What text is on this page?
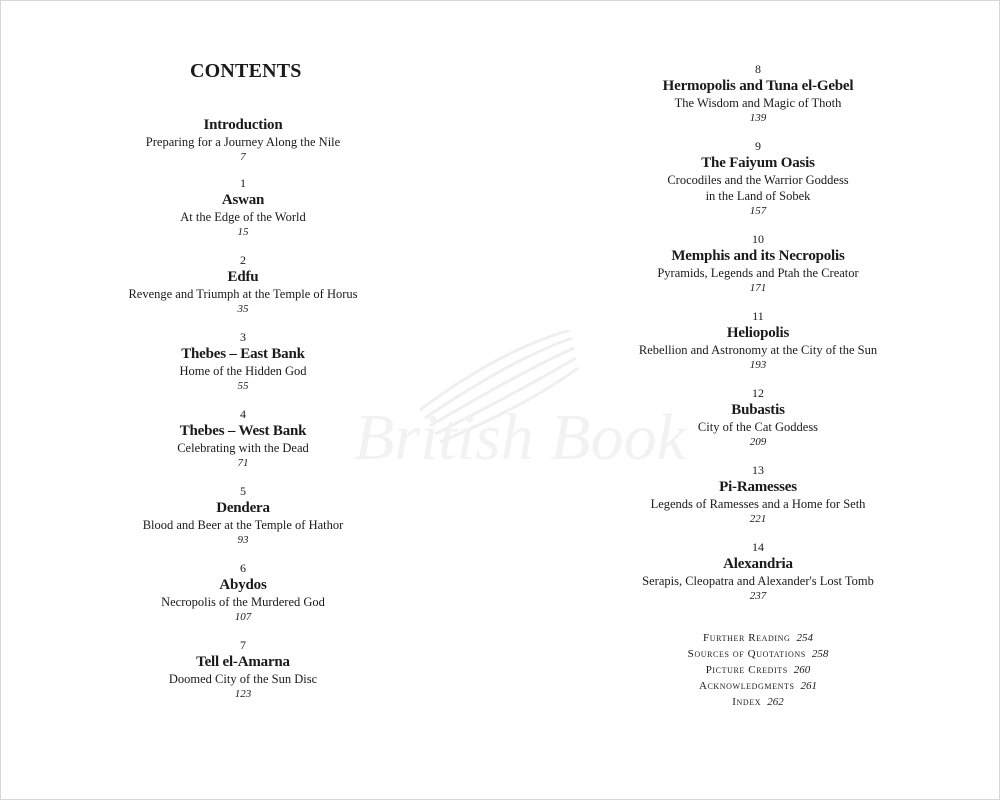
British Book
CONTENTS
Introduction
Preparing for a Journey Along the Nile
7
1
Aswan
At the Edge of the World
15
2
Edfu
Revenge and Triumph at the Temple of Horus
35
3
Thebes – East Bank
Home of the Hidden God
55
4
Thebes – West Bank
Celebrating with the Dead
71
5
Dendera
Blood and Beer at the Temple of Hathor
93
6
Abydos
Necropolis of the Murdered God
107
7
Tell el-Amarna
Doomed City of the Sun Disc
123
8
Hermopolis and Tuna el-Gebel
The Wisdom and Magic of Thoth
139
9
The Faiyum Oasis
Crocodiles and the Warrior Goddess
in the Land of Sobek
157
10
Memphis and its Necropolis
Pyramids, Legends and Ptah the Creator
171
11
Heliopolis
Rebellion and Astronomy at the City of the Sun
193
12
Bubastis
City of the Cat Goddess
209
13
Pi-Ramesses
Legends of Ramesses and a Home for Seth
221
14
Alexandria
Serapis, Cleopatra and Alexander's Lost Tomb
237
Further Reading 254
Sources of Quotations 258
Picture Credits 260
Acknowledgments 261
Index 262
